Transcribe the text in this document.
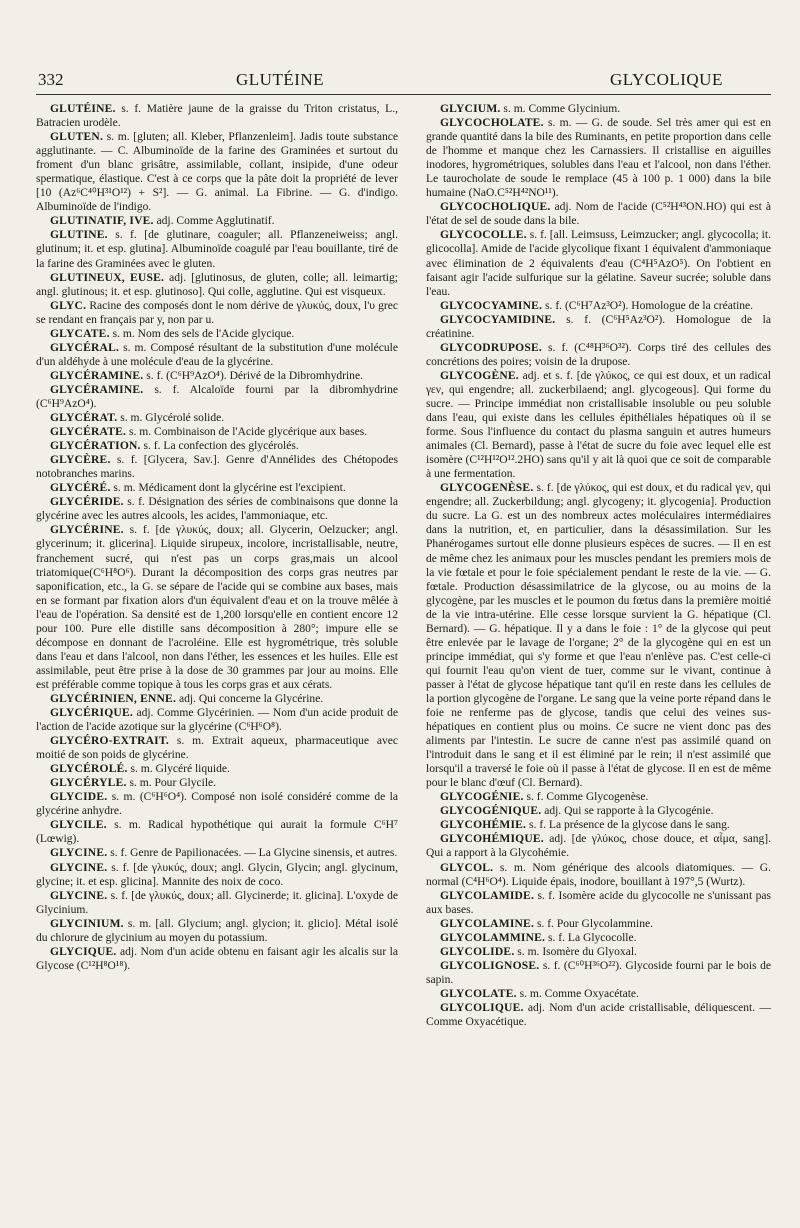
332	GLUTÉINE	GLYCOLIQUE

GLUTÉINE. s. f. Matière jaune de la graisse du Triton cristatus, L., Batracien urodèle.

GLUTEN. s. m. [gluten; all. Kleber, Pflanzenleim]. Jadis toute substance agglutinante. — C. Albuminoïde de la farine des Graminées et surtout du froment d'un blanc grisâtre, assimilable, collant, insipide, d'une odeur spermatique, élastique. C'est à ce corps que la pâte doit la propriété de lever [10 (Az⁶C⁴⁰H³¹O¹²) + S²]. — G. animal. La Fibrine. — G. d'indigo. Albuminoïde de l'indigo.

GLUTINATIF, IVE. adj. Comme Agglutinatif.

GLUTINE. s. f. [de glutinare, coaguler; all. Pflanzeneiweiss; angl. glutinum; it. et esp. glutina]. Albuminoïde coagulé par l'eau bouillante, tiré de la farine des Graminées avec le gluten.

GLUTINEUX, EUSE. adj. [glutinosus, de gluten, colle; all. leimartig; angl. glutinous; it. et esp. glutinoso]. Qui colle, agglutine. Qui est visqueux.

GLYC. Racine des composés dont le nom dérive de γλυκύς, doux, l'υ grec se rendant en français par y, non par u.

GLYCATE. s. m. Nom des sels de l'Acide glycique.

GLYCÉRAL. s. m. Composé résultant de la substitution d'une molécule d'un aldéhyde à une molécule d'eau de la glycérine.

GLYCÉRAMINE. s. f. (C⁶H⁹AzO⁴). Dérivé de la Dibromhydrine.

GLYCÉRAMINE. s. f. Alcaloïde fourni par la dibromhydrine (C⁶H⁹AzO⁴).

GLYCÉRAT. s. m. Glycérolé solide.

GLYCÉRATE. s. m. Combinaison de l'Acide glycérique aux bases.

GLYCÉRATION. s. f. La confection des glycérolés.

GLYCÈRE. s. f. [Glycera, Sav.]. Genre d'Annélides des Chétopodes notobranches marins.

GLYCÉRÉ. s. m. Médicament dont la glycérine est l'excipient.

GLYCÉRIDE. s. f. Désignation des séries de combinaisons que donne la glycérine avec les autres alcools, les acides, l'ammoniaque, etc.

GLYCÉRINE. s. f. [de γλυκύς, doux; all. Glycerin, Oelzucker; angl. glycerinum; it. glicerina]. Liquide sirupeux, incolore, incristallisable, neutre, franchement sucré, qui n'est pas un corps gras,mais un alcool triatomique(C⁶H⁸O⁶). Durant la décomposition des corps gras neutres par saponification, etc., la G. se sépare de l'acide qui se combine aux bases, mais en se formant par fixation alors d'un équivalent d'eau et on la trouve mêlée à l'eau de l'opération. Sa densité est de 1,200 lorsqu'elle en contient encore 12 pour 100. Pure elle distille sans décomposition à 280°; impure elle se décompose en donnant de l'acroléine. Elle est hygrométrique, très soluble dans l'eau et dans l'alcool, non dans l'éther, les essences et les huiles. Elle est assimilable, peut être prise à la dose de 30 grammes par jour au moins. Elle est préférable comme topique à tous les corps gras et aux cérats.

GLYCÉRINIEN, ENNE. adj. Qui concerne la Glycérine.

GLYCÉRIQUE. adj. Comme Glycérinien. — Nom d'un acide produit de l'action de l'acide azotique sur la glycérine (C⁶H⁶O⁸).

GLYCÉRO-EXTRAIT. s. m. Extrait aqueux, pharmaceutique avec moitié de son poids de glycérine.

GLYCÉROLÉ. s. m. Glycéré liquide.

GLYCÉRYLE. s. m. Pour Glycile.

GLYCIDE. s. m. (C⁶H⁶O⁴). Composé non isolé considéré comme de la glycérine anhydre.

GLYCILE. s. m. Radical hypothétique qui aurait la formule C⁶H⁷ (Lœwig).

GLYCINE. s. f. Genre de Papilionacées. — La Glycine sinensis, et autres.

GLYCINE. s. f. [de γλυκύς, doux; angl. Glycin, Glycin; angl. glycinum, glycine; it. et esp. glicina]. Mannite des noix de coco.

GLYCINE. s. f. [de γλυκύς, doux; all. Glycinerde; it. glicina]. L'oxyde de Glycinium.

GLYCINIUM. s. m. [all. Glycium; angl. glycion; it. glicio]. Métal isolé du chlorure de glycinium au moyen du potassium.

GLYCIQUE. adj. Nom d'un acide obtenu en faisant agir les alcalis sur la Glycose (C¹²H⁸O¹⁸).

GLYCIUM. s. m. Comme Glycinium.

GLYCOCHOLATE. s. m. — G. de soude. Sel très amer qui est en grande quantité dans la bile des Ruminants, en petite proportion dans celle de l'homme et manque chez les Carnassiers. Il cristallise en aiguilles inodores, hygrométriques, solubles dans l'eau et l'alcool, non dans l'éther. Le taurocholate de soude le remplace (45 à 100 p. 1 000) dans la bile humaine (NaO.C⁵²H⁴²NO¹¹).

GLYCOCHOLIQUE. adj. Nom de l'acide (C⁵²H⁴³ON.HO) qui est à l'état de sel de soude dans la bile.

GLYCOCOLLE. s. f. [all. Leimsuss, Leimzucker; angl. glycocolla; it. glicocolla]. Amide de l'acide glycolique fixant 1 équivalent d'ammoniaque avec élimination de 2 équivalents d'eau (C⁴H⁵AzO⁵). On l'obtient en faisant agir l'acide sulfurique sur la gélatine. Saveur sucrée; soluble dans l'eau.

GLYCOCYAMINE. s. f. (C⁶H⁷Az³O²). Homologue de la créatine.

GLYCOCYAMIDINE. s. f. (C⁶H⁵Az³O²). Homologue de la créatinine.

GLYCODRUPOSE. s. f. (C⁴⁸H³⁶O³²). Corps tiré des cellules des concrétions des poires; voisin de la drupose.

GLYCOGÈNE. adj. et s. f. [de γλύκος, ce qui est doux, et un radical γεν, qui engendre; all. zuckerbilaend; angl. glycogeous]. Qui forme du sucre. — Principe immédiat non cristallisable insoluble ou peu soluble dans l'eau, qui existe dans les cellules épithéliales hépatiques où il se forme. Sous l'influence du contact du plasma sanguin et autres humeurs animales (Cl. Bernard), passe à l'état de sucre du foie avec lequel elle est isomère (C¹²H¹²O¹².2HO) sans qu'il y ait là quoi que ce soit de comparable à une fermentation.

GLYCOGENÈSE. s. f. [de γλύκος, qui est doux, et du radical γεν, qui engendre; all. Zuckerbildung; angl. glycogeny; it. glycogenia]. Production du sucre. La G. est un des nombreux actes moléculaires intermédiaires dans la nutrition, et, en particulier, dans la désassimilation. Sur les Phanérogames surtout elle donne plusieurs espèces de sucres. — Il en est de même chez les animaux pour les muscles pendant les premiers mois de la vie fœtale et pour le foie spécialement pendant le reste de la vie. — G. fœtale. Production désassimilatrice de la glycose, ou au moins de la glycogène, par les muscles et le poumon du fœtus dans la première moitié de la vie intra-utérine. Elle cesse lorsque survient la G. hépatique (Cl. Bernard). — G. hépatique. Il y a dans le foie : 1° de la glycose qui peut être enlevée par le lavage de l'organe; 2° de la glycogène qui en est un principe immédiat, qui s'y forme et que l'eau n'enlève pas. C'est celle-ci qui fournit l'eau qu'on vient de tuer, comme sur le vivant, continue à passer à l'état de glycose hépatique tant qu'il en reste dans les cellules de la portion glycogène de l'organe. Le sang que la veine porte répand dans le foie ne renferme pas de glycose, tandis que celui des veines sus-hépatiques en contient plus ou moins. Ce sucre ne vient donc pas des aliments par l'intestin. Le sucre de canne n'est pas assimilé quand on l'introduit dans le sang et il est éliminé par le rein; il n'est assimilé que lorsqu'il a traversé le foie où il passe à l'état de glycose. Il en est de même pour le blanc d'œuf (Cl. Bernard).

GLYCOGÉNIE. s. f. Comme Glycogenèse.

GLYCOGÉNIQUE. adj. Qui se rapporte à la Glycogénie.

GLYCOHÉMIE. s. f. La présence de la glycose dans le sang.

GLYCOHÉMIQUE. adj. [de γλύκος, chose douce, et αἷμα, sang]. Qui a rapport à la Glycohémie.

GLYCOL. s. m. Nom générique des alcools diatomiques. — G. normal (C⁴H⁶O⁴). Liquide épais, inodore, bouillant à 197°,5 (Wurtz).

GLYCOLAMIDE. s. f. Isomère acide du glycocolle ne s'unissant pas aux bases.

GLYCOLAMINE. s. f. Pour Glycolammine.

GLYCOLAMMINE. s. f. La Glycocolle.

GLYCOLIDE. s. m. Isomère du Glyoxal.

GLYCOLIGNOSE. s. f. (C⁶⁰H³⁶O²²). Glycoside fourni par le bois de sapin.

GLYCOLATE. s. m. Comme Oxyacétate.

GLYCOLIQUE. adj. Nom d'un acide cristallisable, déliquescent. — Comme Oxyacétique.
